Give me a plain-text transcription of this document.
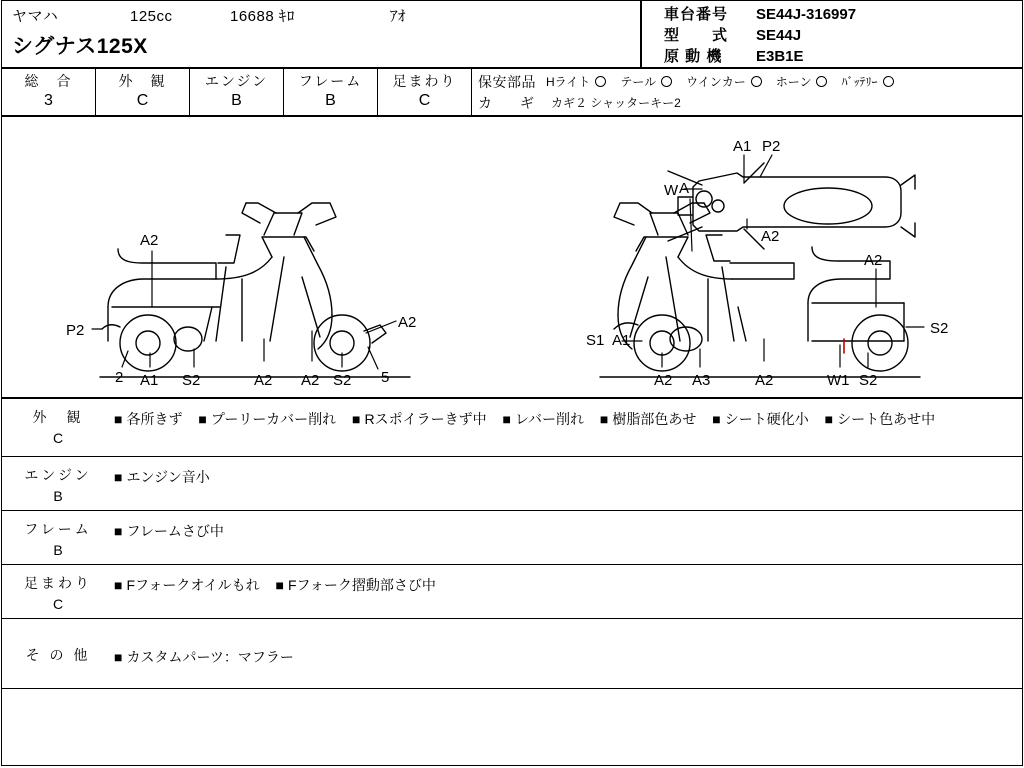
ヤマハ	125cc	16688 ｷﾛ	ｱｵ
シグナス125X
車台番号	SE44J-316997
型　　式	SE44J
原 動 機	E3B1E
総　合
3
外　観
C
エンジン
B
フレーム
B
足まわり
C
保安部品 Hライト	テール	ウインカー	ホーン	ﾊﾞｯﾃﾘｰ
カ　ギ カギ２ シャッターキー2
A1 P2
W
A2
A2
P2
2 A1 S2	A2 A2 S2 5
A2
A
A2
S1 A1
A2 A3	A2	W1 S2
S2
外　観
C
■ 各所きず ■ プーリーカバー削れ ■ Rスポイラーきず中 ■ レバー削れ ■ 樹脂部色あせ ■ シート硬化小 ■ シート色あせ中
エンジン
B
■ エンジン音小
フレーム
B
■ フレームさび中
足まわり
C
■ Fフォークオイルもれ ■ Fフォーク摺動部さび中
そ の 他	■ カスタムパーツ：マフラー
